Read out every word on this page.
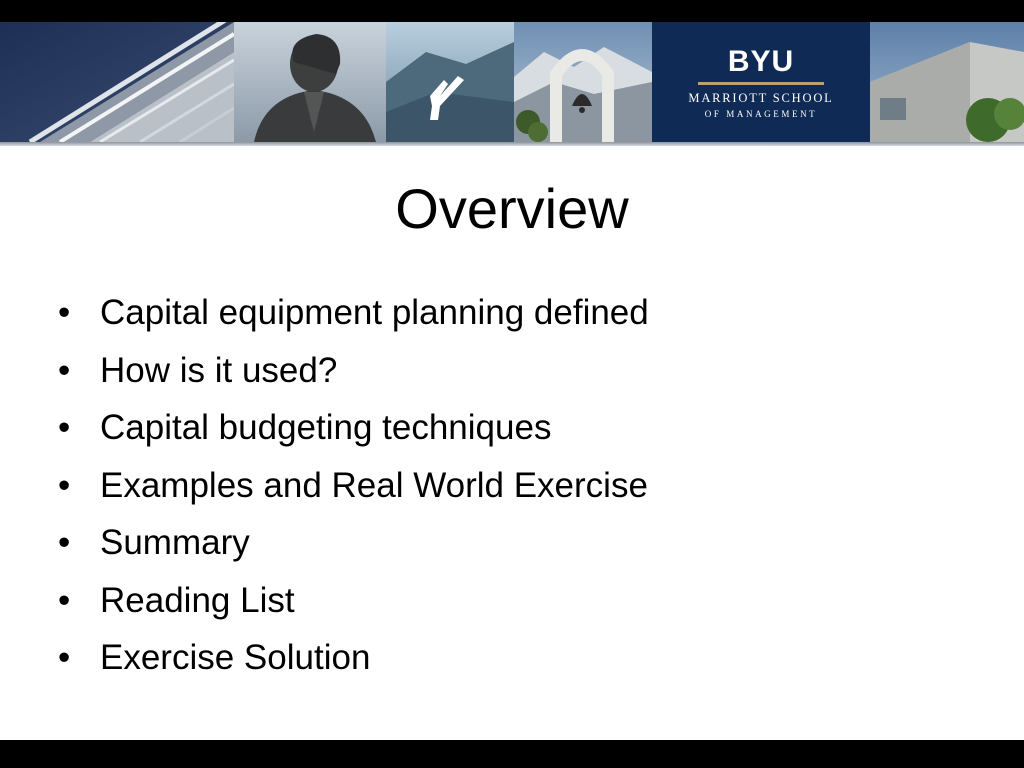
BYU
MARRIOTT SCHOOL
OF MANAGEMENT
Overview
• Capital equipment planning defined
• How is it used?
• Capital budgeting techniques
• Examples and Real World Exercise
• Summary
• Reading List
• Exercise Solution
